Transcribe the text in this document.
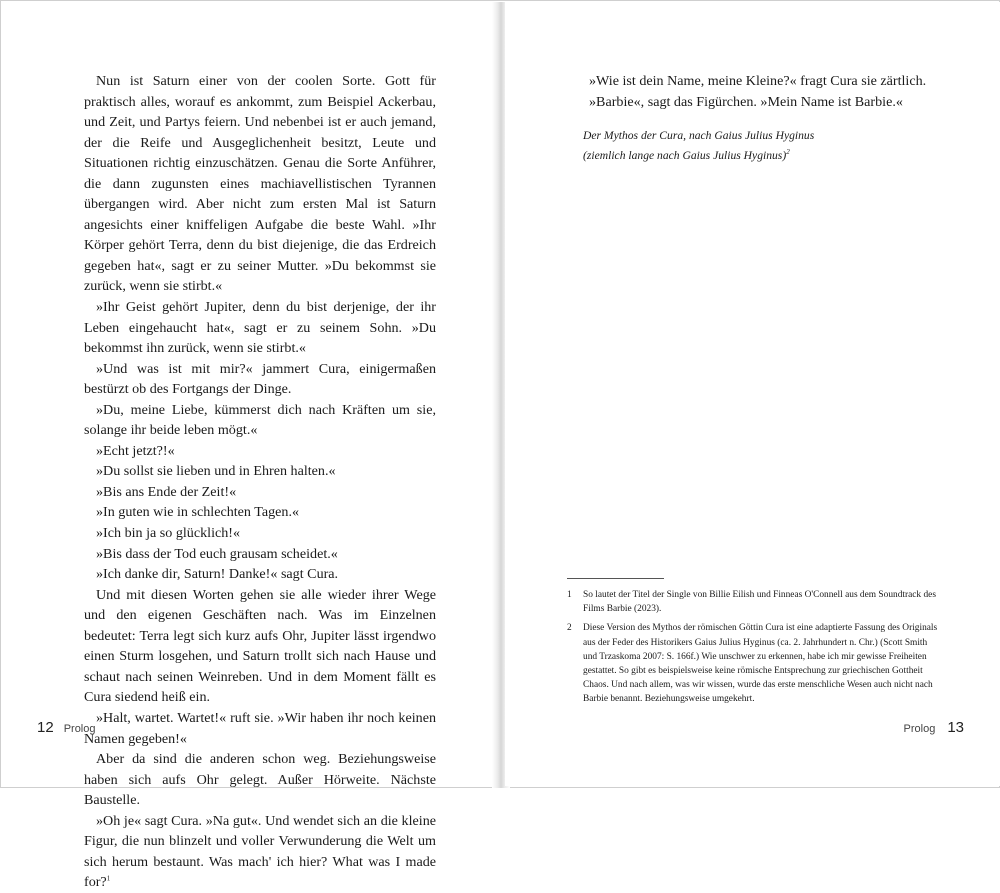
Nun ist Saturn einer von der coolen Sorte. Gott für praktisch alles, worauf es ankommt, zum Beispiel Ackerbau, und Zeit, und Partys feiern. Und nebenbei ist er auch jemand, der die Reife und Ausgeglichenheit besitzt, Leute und Situationen richtig einzuschätzen. Genau die Sorte Anführer, die dann zugunsten eines machiavellistischen Tyrannen übergangen wird. Aber nicht zum ersten Mal ist Saturn angesichts einer kniffeligen Aufgabe die beste Wahl. »Ihr Körper gehört Terra, denn du bist diejenige, die das Erdreich gegeben hat«, sagt er zu seiner Mutter. »Du bekommst sie zurück, wenn sie stirbt.«

»Ihr Geist gehört Jupiter, denn du bist derjenige, der ihr Leben eingehaucht hat«, sagt er zu seinem Sohn. »Du bekommst ihn zurück, wenn sie stirbt.«

»Und was ist mit mir?« jammert Cura, einigermaßen bestürzt ob des Fortgangs der Dinge.

»Du, meine Liebe, kümmerst dich nach Kräften um sie, solange ihr beide leben mögt.«

»Echt jetzt?!«

»Du sollst sie lieben und in Ehren halten.«

»Bis ans Ende der Zeit!«

»In guten wie in schlechten Tagen.«

»Ich bin ja so glücklich!«

»Bis dass der Tod euch grausam scheidet.«

»Ich danke dir, Saturn! Danke!« sagt Cura.

Und mit diesen Worten gehen sie alle wieder ihrer Wege und den eigenen Geschäften nach. Was im Einzelnen bedeutet: Terra legt sich kurz aufs Ohr, Jupiter lässt irgendwo einen Sturm losgehen, und Saturn trollt sich nach Hause und schaut nach seinen Weinreben. Und in dem Moment fällt es Cura siedend heiß ein.

»Halt, wartet. Wartet!« ruft sie. »Wir haben ihr noch keinen Namen gegeben!«

Aber da sind die anderen schon weg. Beziehungsweise haben sich aufs Ohr gelegt. Außer Hörweite. Nächste Baustelle.

»Oh je« sagt Cura. »Na gut«. Und wendet sich an die kleine Figur, die nun blinzelt und voller Verwunderung die Welt um sich herum bestaunt. Was mach' ich hier? What was I made for?$^1$

12 Prolog

»Wie ist dein Name, meine Kleine?« fragt Cura sie zärtlich.

»Barbie«, sagt das Figürchen. »Mein Name ist Barbie.«

Der Mythos der Cura, nach Gaius Julius Hyginus
(ziemlich lange nach Gaius Julius Hyginus)$^2$
1	So lautet der Titel der Single von Billie Eilish und Finneas O'Connell aus dem Soundtrack des Films Barbie (2023).
2	Diese Version des Mythos der römischen Göttin Cura ist eine adaptierte Fassung des Originals aus der Feder des Historikers Gaius Julius Hyginus (ca. 2. Jahrhundert n. Chr.) (Scott Smith und Trzaskoma 2007: S. 166f.) Wie unschwer zu erkennen, habe ich mir gewisse Freiheiten gestattet. So gibt es beispielsweise keine römische Entsprechung zur griechischen Gottheit Chaos. Und nach allem, was wir wissen, wurde das erste menschliche Wesen auch nicht nach Barbie benannt. Beziehungsweise umgekehrt.
Prolog 13
